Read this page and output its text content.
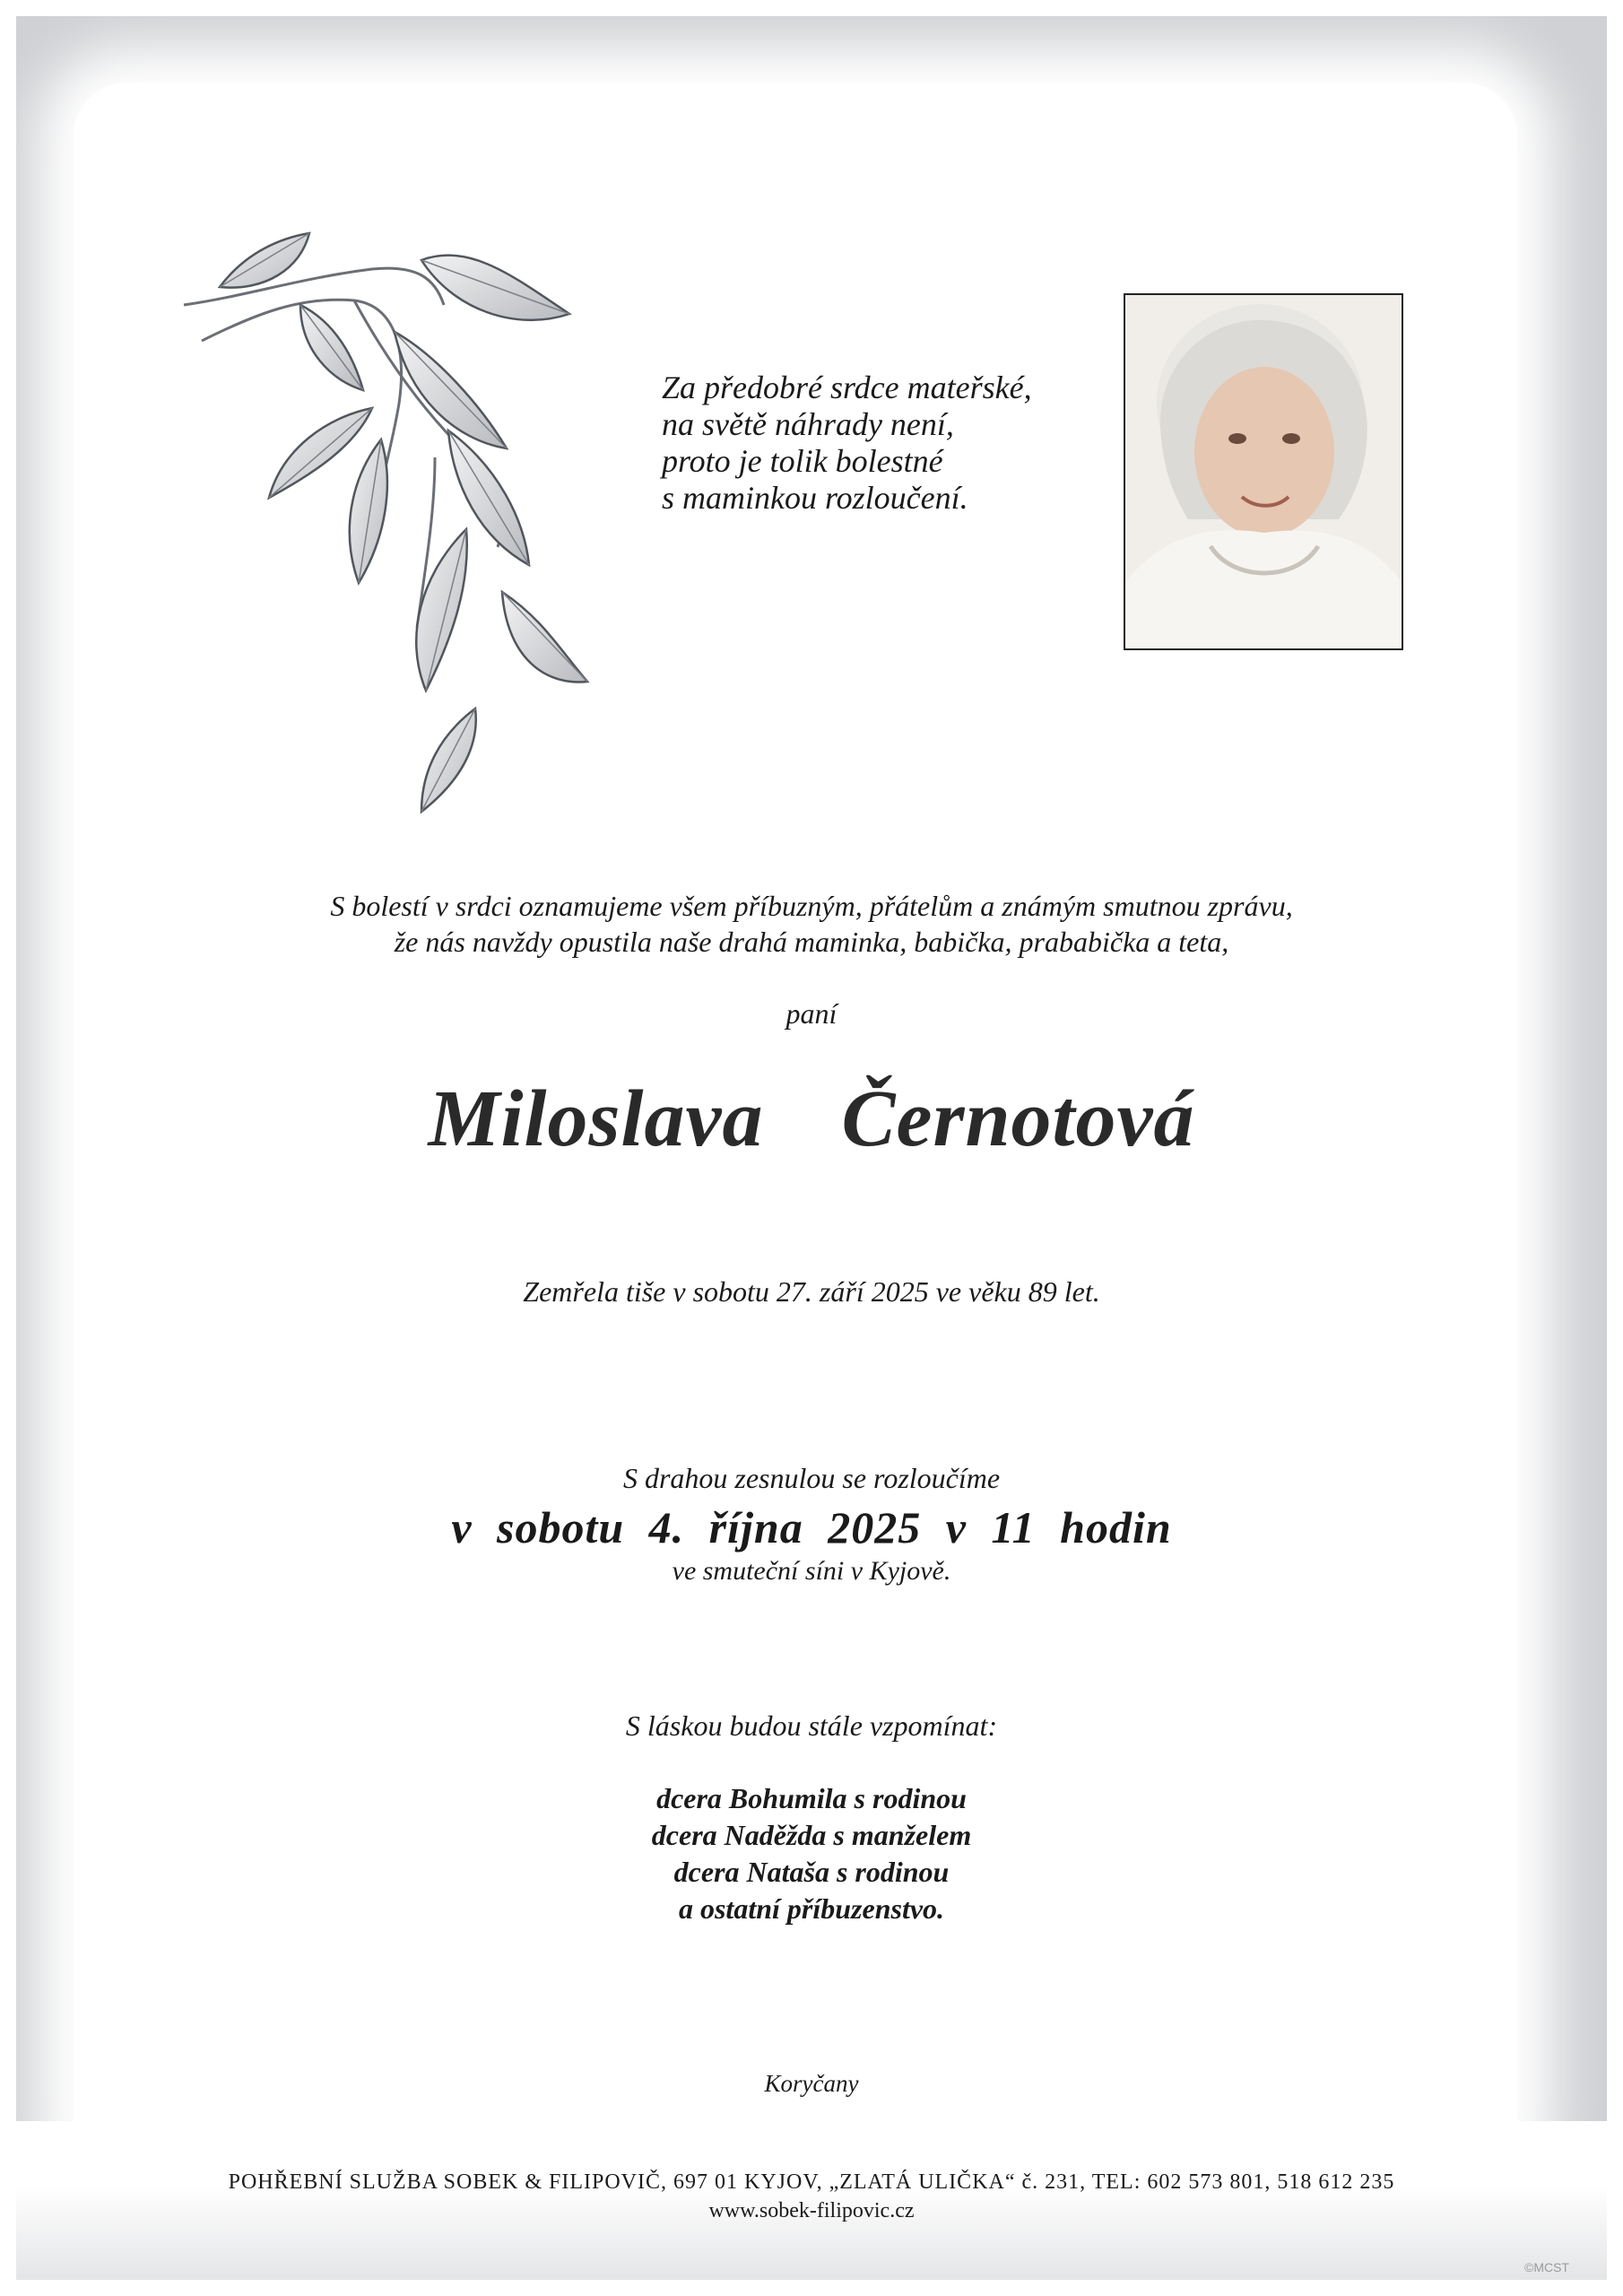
Za předobré srdce mateřské,
na světě náhrady není,
proto je tolik bolestné
s maminkou rozloučení.
S bolestí v srdci oznamujeme všem příbuzným, přátelům a známým smutnou zprávu,
že nás navždy opustila naše drahá maminka, babička, prababička a teta,
paní
Miloslava  Černotová
Zemřela tiše v sobotu 27. září 2025 ve věku 89 let.
S drahou zesnulou se rozloučíme
v sobotu 4. října 2025 v 11 hodin
ve smuteční síni v Kyjově.
S láskou budou stále vzpomínat:
dcera Bohumila s rodinou
dcera Naděžda s manželem
dcera Nataša s rodinou
a ostatní příbuzenstvo.
Koryčany
POHŘEBNÍ SLUŽBA SOBEK & FILIPOVIČ, 697 01 KYJOV, „ZLATÁ ULIČKA“ č. 231, TEL: 602 573 801, 518 612 235
www.sobek-filipovic.cz
©MCST
